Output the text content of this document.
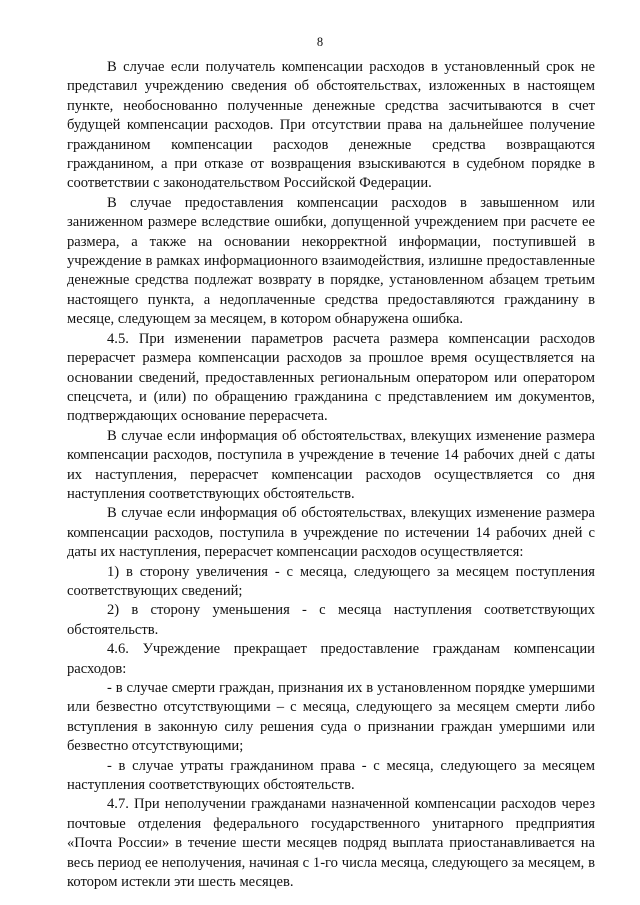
8

В случае если получатель компенсации расходов в установленный срок не представил учреждению сведения об обстоятельствах, изложенных в настоящем пункте, необоснованно полученные денежные средства засчитываются в счет будущей компенсации расходов. При отсутствии права на дальнейшее получение гражданином компенсации расходов денежные средства возвращаются гражданином, а при отказе от возвращения взыскиваются в судебном порядке в соответствии с законодательством Российской Федерации.

В случае предоставления компенсации расходов в завышенном или заниженном размере вследствие ошибки, допущенной учреждением при расчете ее размера, а также на основании некорректной информации, поступившей в учреждение в рамках информационного взаимодействия, излишне предоставленные денежные средства подлежат возврату в порядке, установленном абзацем третьим настоящего пункта, а недоплаченные средства предоставляются гражданину в месяце, следующем за месяцем, в котором обнаружена ошибка.

4.5. При изменении параметров расчета размера компенсации расходов перерасчет размера компенсации расходов за прошлое время осуществляется на основании сведений, предоставленных региональным оператором или оператором спецсчета, и (или) по обращению гражданина с представлением им документов, подтверждающих основание перерасчета.

В случае если информация об обстоятельствах, влекущих изменение размера компенсации расходов, поступила в учреждение в течение 14 рабочих дней с даты их наступления, перерасчет компенсации расходов осуществляется со дня наступления соответствующих обстоятельств.

В случае если информация об обстоятельствах, влекущих изменение размера компенсации расходов, поступила в учреждение по истечении 14 рабочих дней с даты их наступления, перерасчет компенсации расходов осуществляется:

1) в сторону увеличения - с месяца, следующего за месяцем поступления соответствующих сведений;

2) в сторону уменьшения - с месяца наступления соответствующих обстоятельств.

4.6. Учреждение прекращает предоставление гражданам компенсации расходов:

- в случае смерти граждан, признания их в установленном порядке умершими или безвестно отсутствующими – с месяца, следующего за месяцем смерти либо вступления в законную силу решения суда о признании граждан умершими или безвестно отсутствующими;

- в случае утраты гражданином права - с месяца, следующего за месяцем наступления соответствующих обстоятельств.

4.7. При неполучении гражданами назначенной компенсации расходов через почтовые отделения федерального государственного унитарного предприятия «Почта России» в течение шести месяцев подряд выплата приостанавливается на весь период ее неполучения, начиная с 1-го числа месяца, следующего за месяцем, в котором истекли эти шесть месяцев.
